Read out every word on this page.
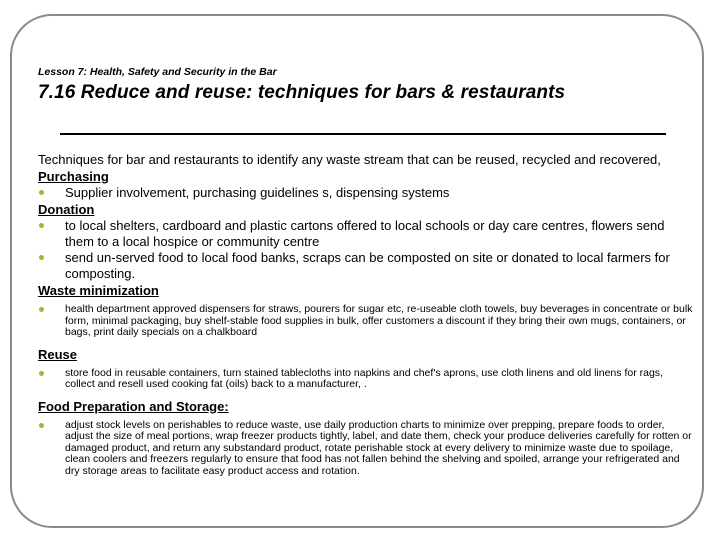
Lesson 7: Health, Safety and Security in the Bar
7.16 Reduce and reuse: techniques for bars & restaurants

Techniques for bar and restaurants to identify any waste stream that can be reused, recycled and recovered,

Purchasing

Supplier involvement, purchasing guidelines s, dispensing systems

Donation

to local shelters, cardboard and plastic cartons offered to local schools or day care centres, flowers send them to a local hospice or community centre
send un-served food to local food banks, scraps can be composted on site or donated to local farmers for composting.

Waste minimization

health department approved dispensers for straws, pourers for sugar etc, re-useable cloth towels, buy beverages in concentrate or bulk form, minimal packaging, buy shelf-stable food supplies in bulk, offer customers a discount if they bring their own mugs, containers, or bags, print daily specials on a chalkboard

Reuse

store food in reusable containers, turn stained tablecloths into napkins and chef's aprons, use cloth linens and old linens for rags, collect and resell used cooking fat (oils) back to a manufacturer, .

Food Preparation and Storage:

adjust stock levels on perishables to reduce waste, use daily production charts to minimize over prepping, prepare foods to order, adjust the size of meal portions, wrap freezer products tightly, label, and date them, check your produce deliveries carefully for rotten or damaged product, and return any substandard product, rotate perishable stock at every delivery to minimize waste due to spoilage, clean coolers and freezers regularly to ensure that food has not fallen behind the shelving and spoiled, arrange your refrigerated and dry storage areas to facilitate easy product access and rotation.
